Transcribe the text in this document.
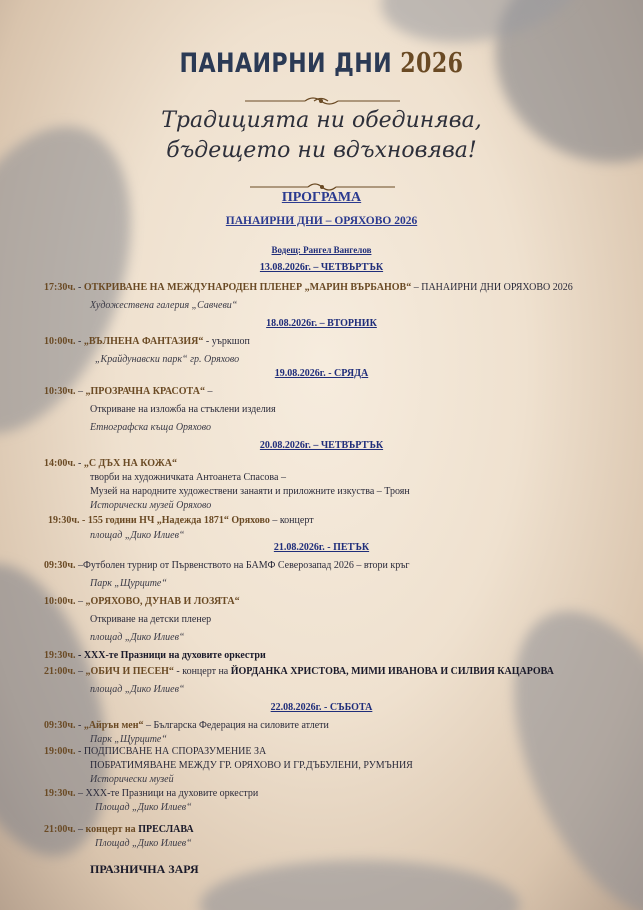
ПАНАИРНИ ДНИ 2026
Традицията ни обединява,
бъдещето ни вдъхновява!
ПРОГРАМА
ПАНАИРНИ ДНИ – ОРЯХОВО 2026
Водещ: Рангел Вангелов
13.08.2026г. – ЧЕТВЪРТЪК
17:30ч. - ОТКРИВАНЕ НА МЕЖДУНАРОДЕН ПЛЕНЕР „МАРИН ВЪРБАНОВ“ – ПАНАИРНИ ДНИ ОРЯХОВО 2026
Художествена галерия „Савчеви“
18.08.2026г. – ВТОРНИК
10:00ч. - „ВЪЛНЕНА ФАНТАЗИЯ“ - уъркшоп
„Крайдунавски парк“ гр. Оряхово
19.08.2026г. - СРЯДА
10:30ч. – „ПРОЗРАЧНА КРАСОТА“ –
Откриване на изложба на стъклени изделия
Етнографска къща Оряхово
20.08.2026г. – ЧЕТВЪРТЪК
14:00ч. - „С ДЪХ НА КОЖА“
творби на художничката Антоанета Спасова –
Музей на народните художествени занаяти и приложните изкуства – Троян
Исторически музей Оряхово
19:30ч. - 155 години НЧ „Надежда 1871“ Оряхово – концерт
площад „Дико Илиев“
21.08.2026г. - ПЕТЪК
09:30ч. –Футболен турнир от Първенството на БАМФ Северозапад 2026 – втори кръг
Парк „Щурците“
10:00ч. – „ОРЯХОВО, ДУНАВ И ЛОЗЯТА“
Откриване на детски пленер
площад „Дико Илиев“
19:30ч. - XXX-те Празници на духовите оркестри
21:00ч. – „ОБИЧ И ПЕСЕН“ - концерт на ЙОРДАНКА ХРИСТОВА, МИМИ ИВАНОВА И СИЛВИЯ КАЦАРОВА
площад „Дико Илиев“
22.08.2026г. - СЪБОТА
09:30ч. - „Айрън мен“ – Българска Федерация на силовите атлети
Парк „Щурците“
19:00ч. - ПОДПИСВАНЕ НА СПОРАЗУМЕНИЕ ЗА
ПОБРАТИМЯВАНЕ МЕЖДУ ГР. ОРЯХОВО И ГР.ДЪБУЛЕНИ, РУМЪНИЯ
Исторически музей
19:30ч. – XXX-те Празници на духовите оркестри
Площад „Дико Илиев“
21:00ч. – концерт на ПРЕСЛАВА
Площад „Дико Илиев“
ПРАЗНИЧНА ЗАРЯ
